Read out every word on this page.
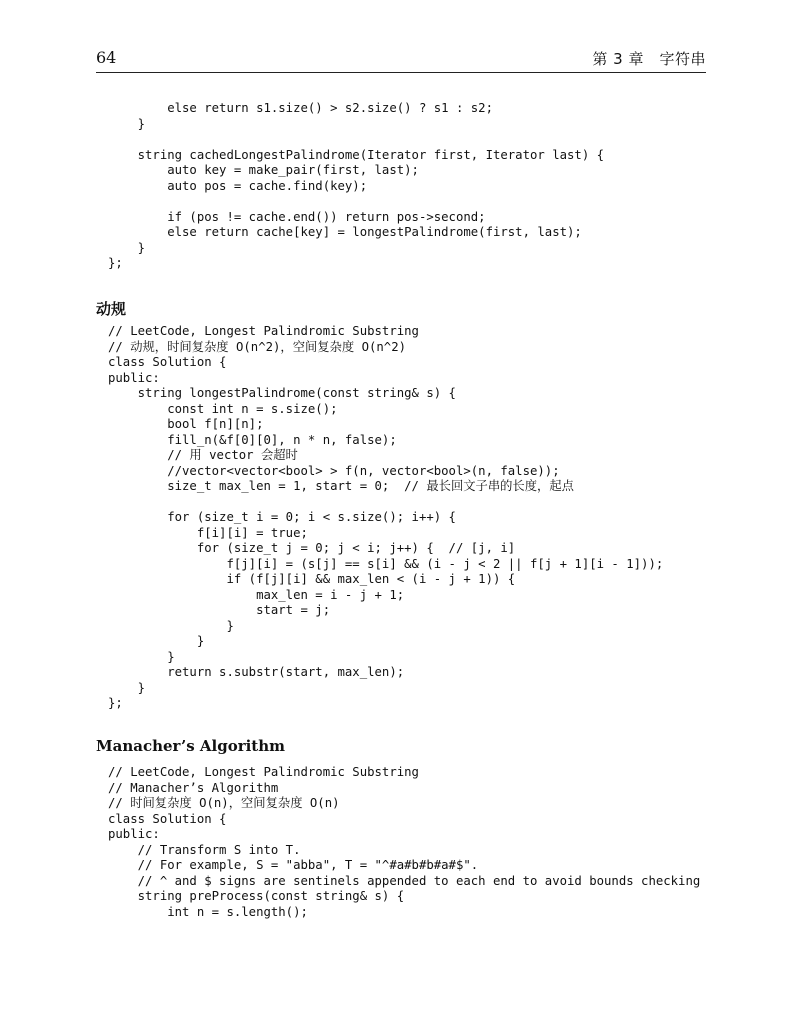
64	第 3 章　字符串
else return s1.size() > s2.size() ? s1 : s2;
}

string cachedLongestPalindrome(Iterator first, Iterator last) {
auto key = make_pair(first, last);
auto pos = cache.find(key);

if (pos != cache.end()) return pos->second;
else return cache[key] = longestPalindrome(first, last);
}
};
动规
// LeetCode, Longest Palindromic Substring
// 动规，时间复杂度 O(n^2)，空间复杂度 O(n^2)
class Solution {
public:
string longestPalindrome(const string& s) {
const int n = s.size();
bool f[n][n];
fill_n(&f[0][0], n * n, false);
// 用 vector 会超时
//vector<vector<bool> > f(n, vector<bool>(n, false));
size_t max_len = 1, start = 0;  // 最长回文子串的长度，起点

for (size_t i = 0; i < s.size(); i++) {
f[i][i] = true;
for (size_t j = 0; j < i; j++) {  // [j, i]
f[j][i] = (s[j] == s[i] && (i - j < 2 || f[j + 1][i - 1]));
if (f[j][i] && max_len < (i - j + 1)) {
max_len = i - j + 1;
start = j;
}
}
}
return s.substr(start, max_len);
}
};
Manacher’s Algorithm
// LeetCode, Longest Palindromic Substring
// Manacher’s Algorithm
// 时间复杂度 O(n)，空间复杂度 O(n)
class Solution {
public:
// Transform S into T.
// For example, S = "abba", T = "^#a#b#b#a#$".
// ^ and $ signs are sentinels appended to each end to avoid bounds checking
string preProcess(const string& s) {
int n = s.length();
